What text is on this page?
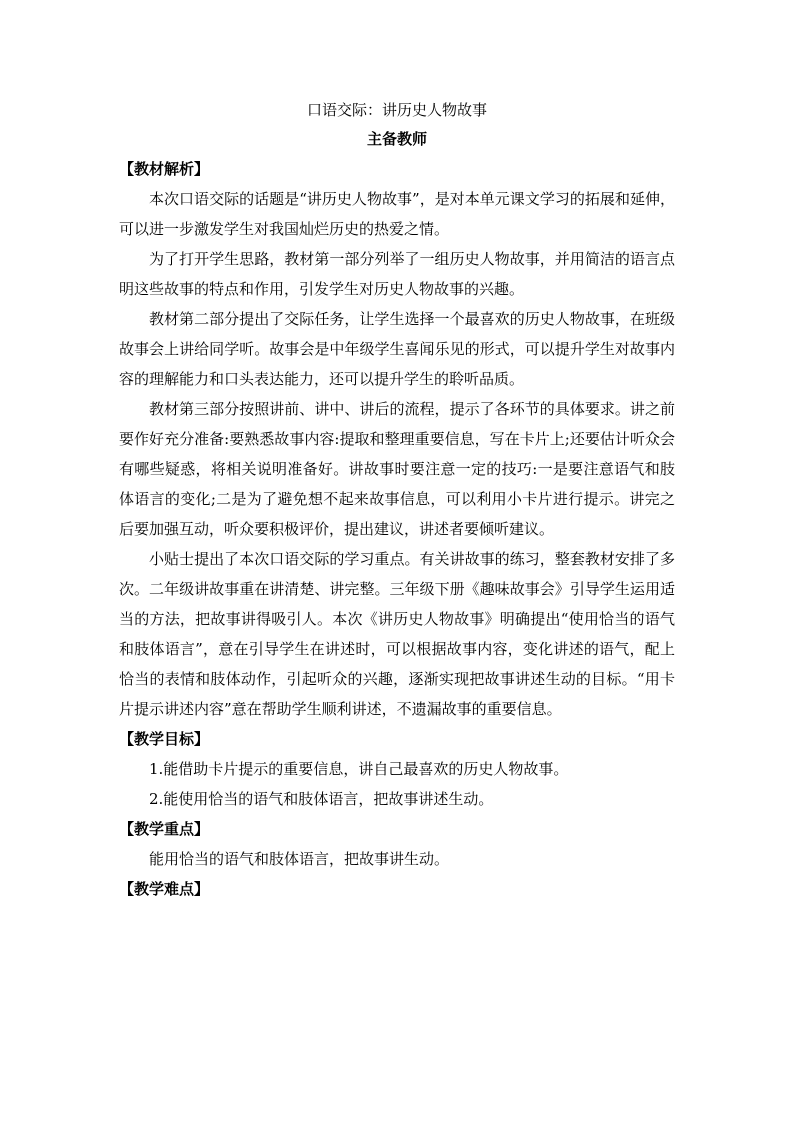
口语交际：讲历史人物故事

主备教师

【教材解析】

本次口语交际的话题是“讲历史人物故事”，是对本单元课文学习的拓展和延伸，可以进一步激发学生对我国灿烂历史的热爱之情。

为了打开学生思路，教材第一部分列举了一组历史人物故事，并用简洁的语言点明这些故事的特点和作用，引发学生对历史人物故事的兴趣。

教材第二部分提出了交际任务，让学生选择一个最喜欢的历史人物故事，在班级故事会上讲给同学听。故事会是中年级学生喜闻乐见的形式，可以提升学生对故事内容的理解能力和口头表达能力，还可以提升学生的聆听品质。

教材第三部分按照讲前、讲中、讲后的流程，提示了各环节的具体要求。讲之前要作好充分准备:要熟悉故事内容:提取和整理重要信息，写在卡片上;还要估计听众会有哪些疑惑，将相关说明准备好。讲故事时要注意一定的技巧:一是要注意语气和肢体语言的变化;二是为了避免想不起来故事信息，可以利用小卡片进行提示。讲完之后要加强互动，听众要积极评价，提出建议，讲述者要倾听建议。

小贴士提出了本次口语交际的学习重点。有关讲故事的练习，整套教材安排了多次。二年级讲故事重在讲清楚、讲完整。三年级下册《趣味故事会》引导学生运用适当的方法，把故事讲得吸引人。本次《讲历史人物故事》明确提出“使用恰当的语气和肢体语言”，意在引导学生在讲述时，可以根据故事内容，变化讲述的语气，配上恰当的表情和肢体动作，引起听众的兴趣，逐渐实现把故事讲述生动的目标。“用卡片提示讲述内容”意在帮助学生顺利讲述，不遗漏故事的重要信息。

【教学目标】

1.能借助卡片提示的重要信息，讲自己最喜欢的历史人物故事。

2.能使用恰当的语气和肢体语言，把故事讲述生动。

【教学重点】

能用恰当的语气和肢体语言，把故事讲生动。

【教学难点】
